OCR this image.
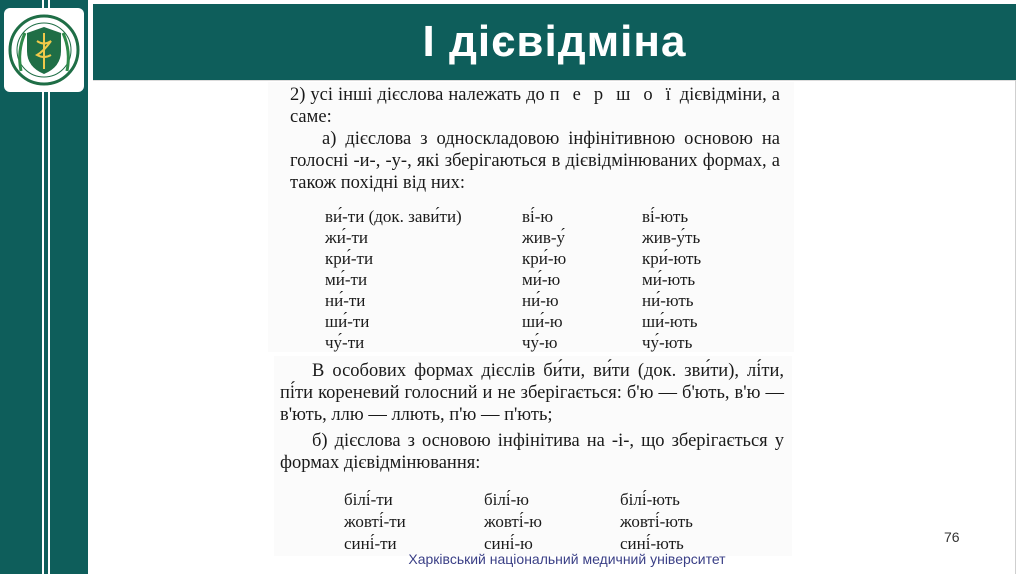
І дієвідміна

2) усі інші дієслова належать до п е р ш о ї дієвідміни, а саме:

а) дієслова з односкладовою інфінітивною основою на голосні -и-, -у-, які зберігаються в дієвідмінюваних формах, а також похідні від них:

ви́-ти (док. зави́ти)	ві́-ю	ві́-ють
жи́-ти	жив-у́	жив-у́ть
кри́-ти	кри́-ю	кри́-ють
ми́-ти	ми́-ю	ми́-ють
ни́-ти	ни́-ю	ни́-ють
ши́-ти	ши́-ю	ши́-ють
чу́-ти	чу́-ю	чу́-ють

В особових формах дієслів би́ти, ви́ти (док. зви́ти), лі́ти, пі́ти кореневий голосний и не зберігається: б'ю — б'ють, в'ю — в'ють, ллю — ллють, п'ю — п'ють;

б) дієслова з основою інфінітива на -і-, що зберігається у формах дієвідмінювання:

білі́-ти	білі́-ю	білі́-ють
жовті́-ти	жовті́-ю	жовті́-ють
сині́-ти	сині́-ю	сині́-ють	76
Харківський національний медичний університет
